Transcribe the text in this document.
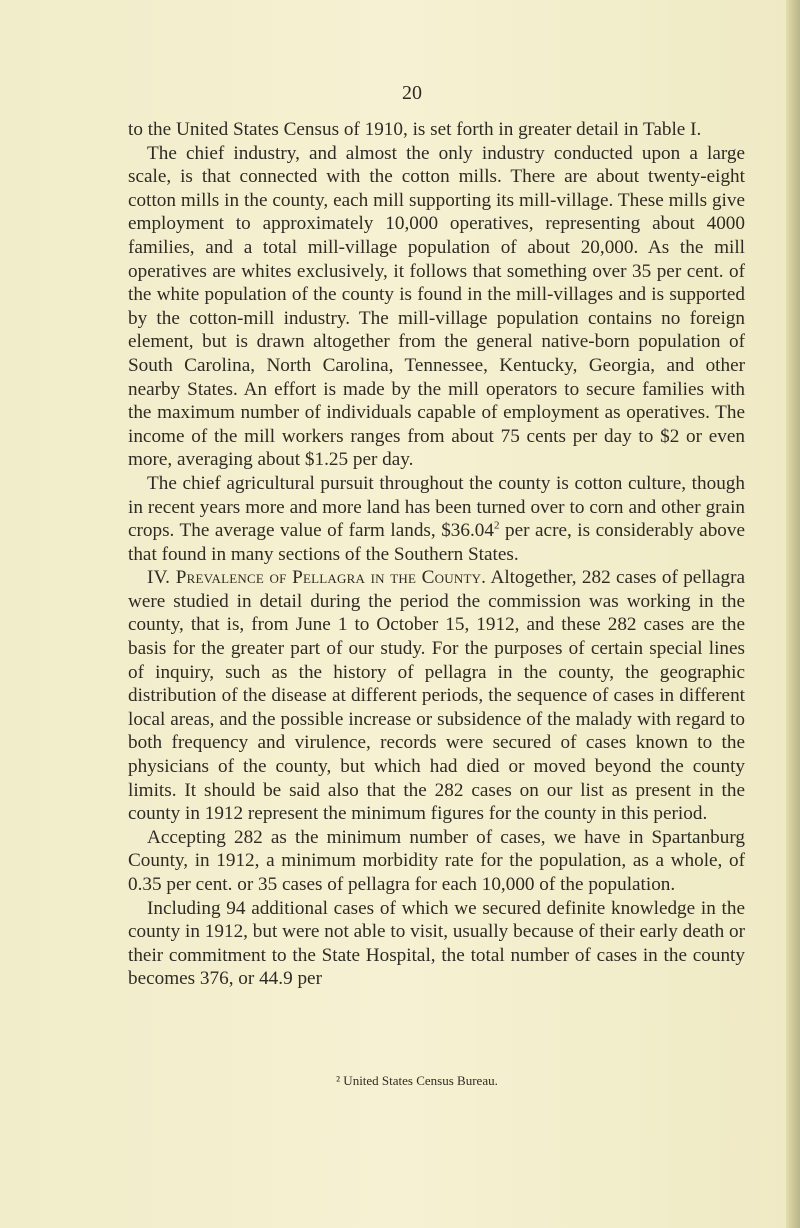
20

to the United States Census of 1910, is set forth in greater detail in Table I.

The chief industry, and almost the only industry conducted upon a large scale, is that connected with the cotton mills. There are about twenty-eight cotton mills in the county, each mill supporting its mill-village. These mills give employment to approximately 10,000 operatives, representing about 4000 families, and a total mill-village population of about 20,000. As the mill operatives are whites exclusively, it follows that something over 35 per cent. of the white population of the county is found in the mill-villages and is supported by the cotton-mill industry. The mill-village population contains no foreign element, but is drawn altogether from the general native-born population of South Carolina, North Carolina, Tennessee, Kentucky, Georgia, and other nearby States. An effort is made by the mill operators to secure families with the maximum number of individuals capable of employment as operatives. The income of the mill workers ranges from about 75 cents per day to $2 or even more, averaging about $1.25 per day.

The chief agricultural pursuit throughout the county is cotton culture, though in recent years more and more land has been turned over to corn and other grain crops. The average value of farm lands, $36.04$^2$ per acre, is considerably above that found in many sections of the Southern States.

IV. Prevalence of Pellagra in the County. Altogether, 282 cases of pellagra were studied in detail during the period the commission was working in the county, that is, from June 1 to October 15, 1912, and these 282 cases are the basis for the greater part of our study. For the purposes of certain special lines of inquiry, such as the history of pellagra in the county, the geographic distribution of the disease at different periods, the sequence of cases in different local areas, and the possible increase or subsidence of the malady with regard to both frequency and virulence, records were secured of cases known to the physicians of the county, but which had died or moved beyond the county limits. It should be said also that the 282 cases on our list as present in the county in 1912 represent the minimum figures for the county in this period.

Accepting 282 as the minimum number of cases, we have in Spartanburg County, in 1912, a minimum morbidity rate for the population, as a whole, of 0.35 per cent. or 35 cases of pellagra for each 10,000 of the population.

Including 94 additional cases of which we secured definite knowledge in the county in 1912, but were not able to visit, usually because of their early death or their commitment to the State Hospital, the total number of cases in the county becomes 376, or 44.9 per

² United States Census Bureau.
